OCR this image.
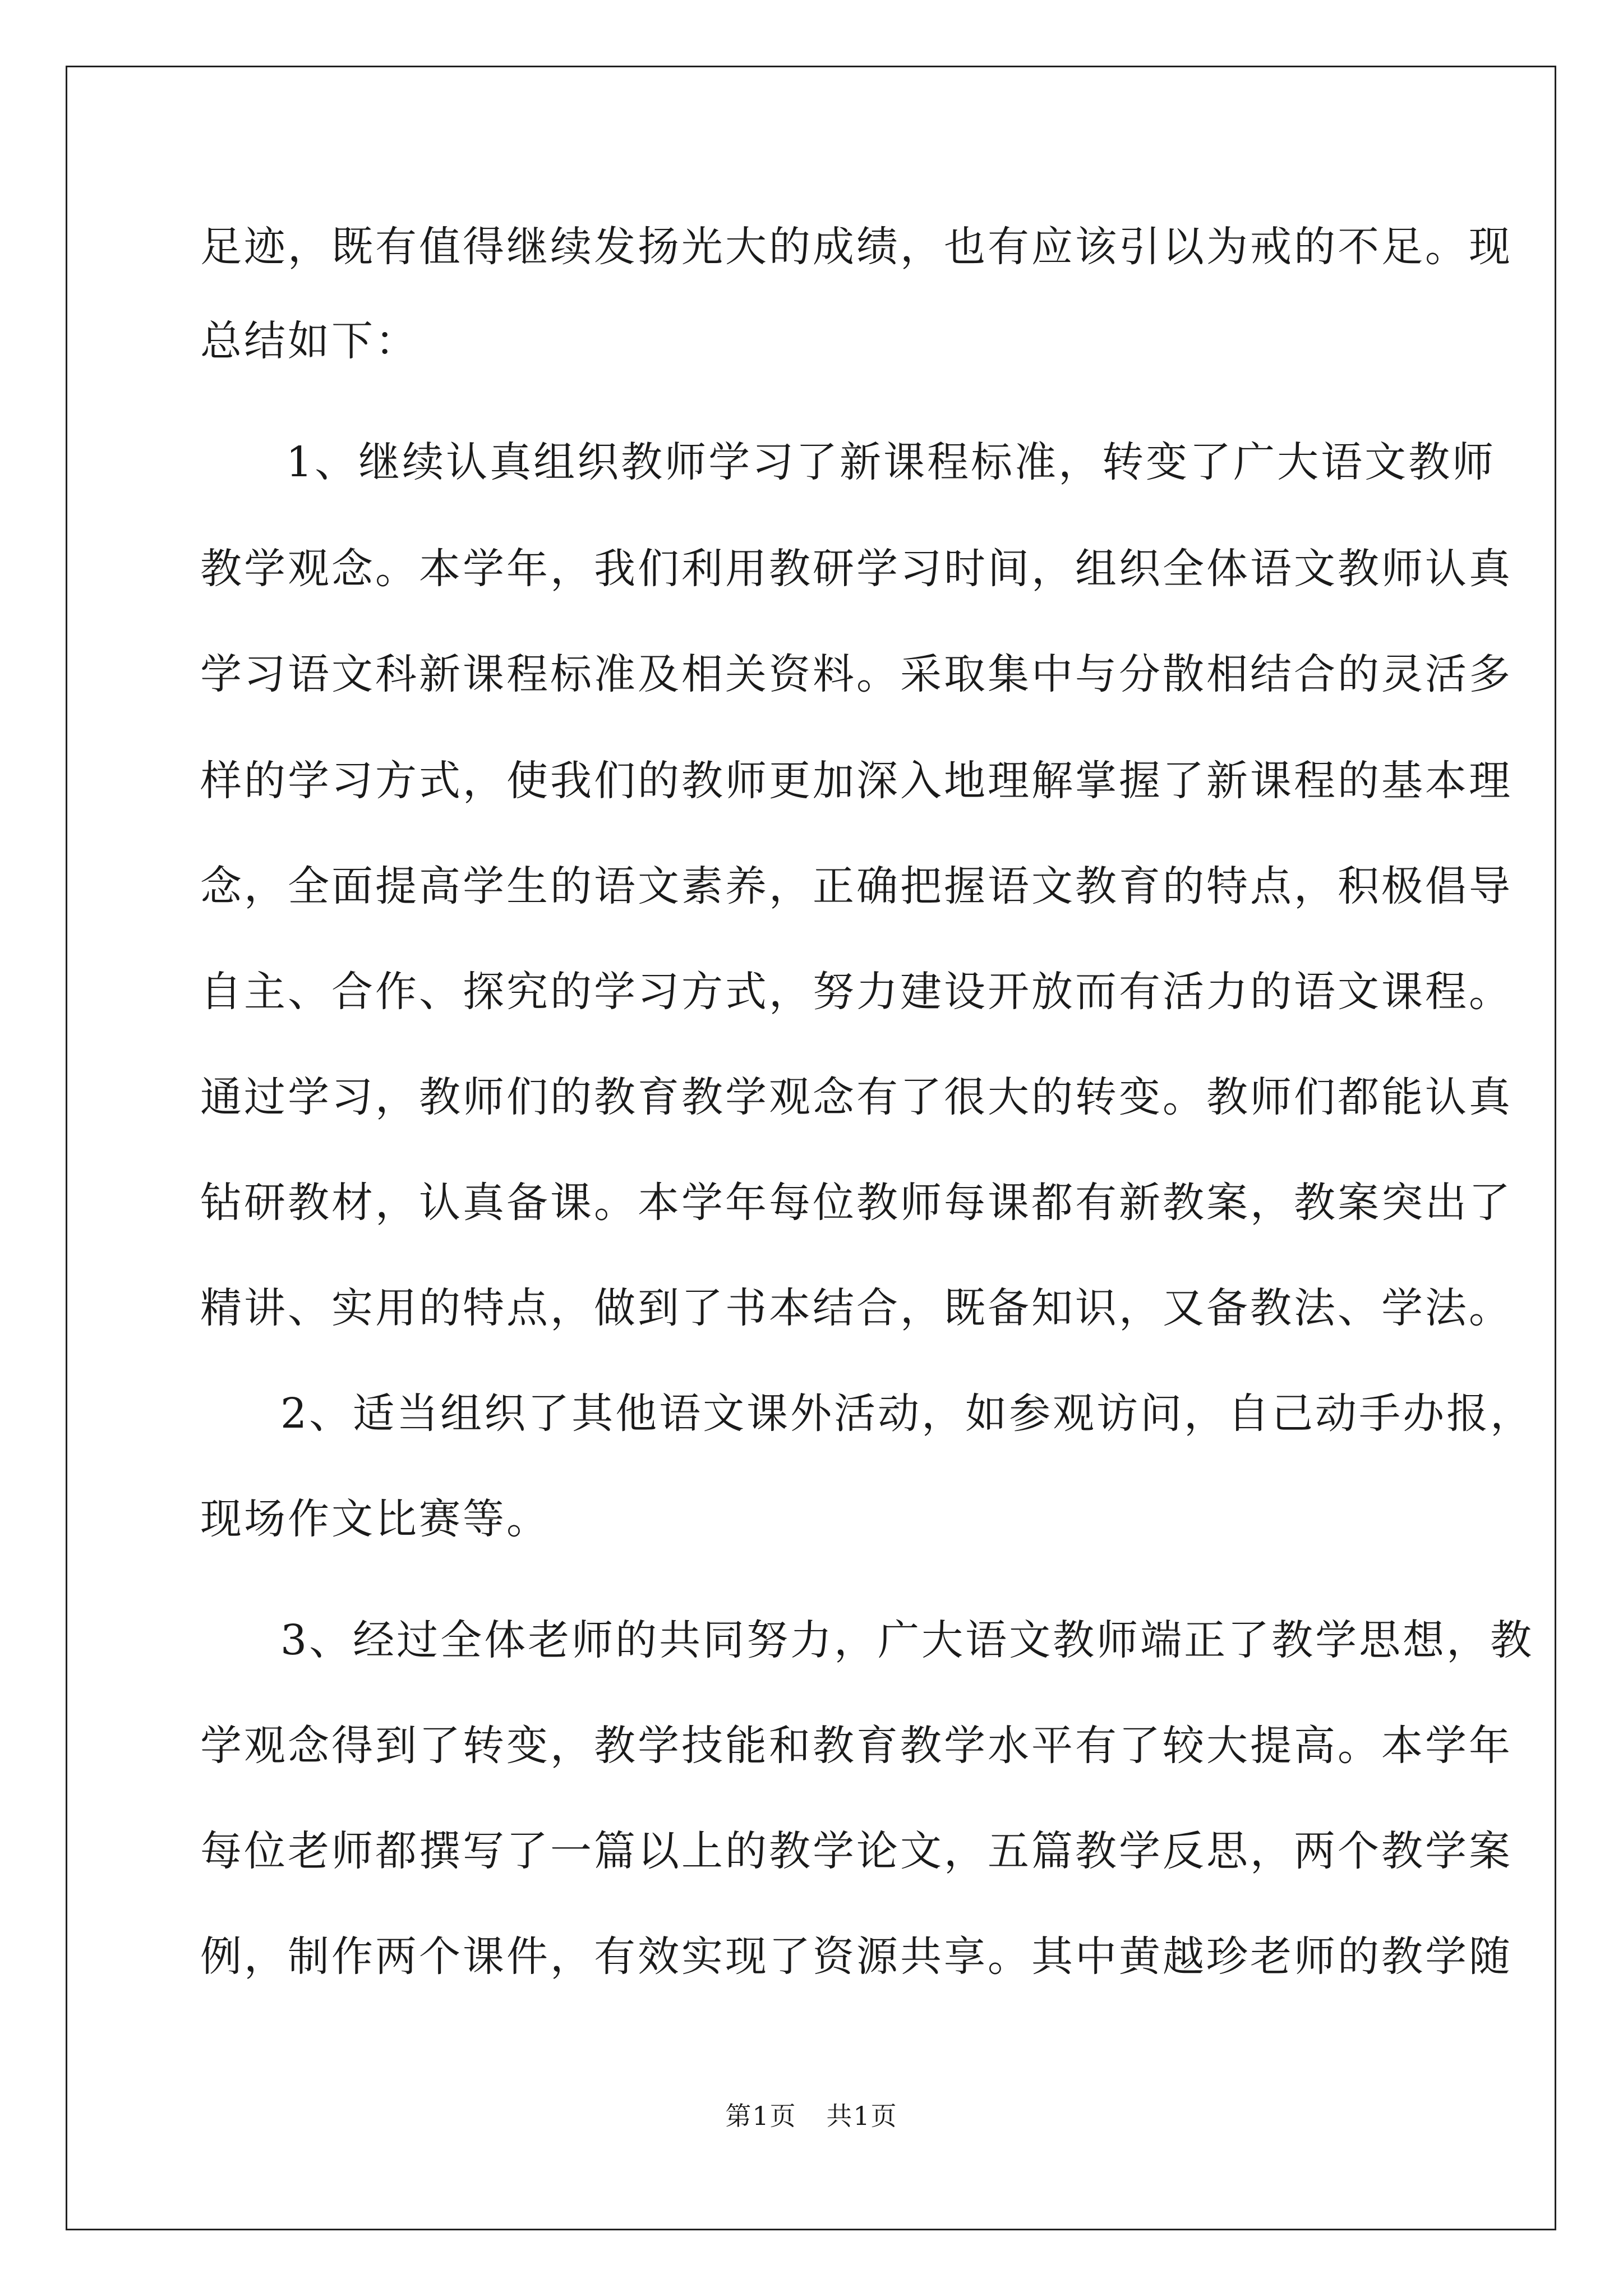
足迹，既有值得继续发扬光大的成绩，也有应该引以为戒的不足。现
总结如下：
1、继续认真组织教师学习了新课程标准，转变了广大语文教师
教学观念。本学年，我们利用教研学习时间，组织全体语文教师认真
学习语文科新课程标准及相关资料。采取集中与分散相结合的灵活多
样的学习方式，使我们的教师更加深入地理解掌握了新课程的基本理
念，全面提高学生的语文素养，正确把握语文教育的特点，积极倡导
自主、合作、探究的学习方式，努力建设开放而有活力的语文课程。
通过学习，教师们的教育教学观念有了很大的转变。教师们都能认真
钻研教材，认真备课。本学年每位教师每课都有新教案，教案突出了
精讲、实用的特点，做到了书本结合，既备知识，又备教法、学法。
2、适当组织了其他语文课外活动，如参观访问，自己动手办报，
现场作文比赛等。
3、经过全体老师的共同努力，广大语文教师端正了教学思想，教
学观念得到了转变，教学技能和教育教学水平有了较大提高。本学年
每位老师都撰写了一篇以上的教学论文，五篇教学反思，两个教学案
例，制作两个课件，有效实现了资源共享。其中黄越珍老师的教学随
第1页 共1页
